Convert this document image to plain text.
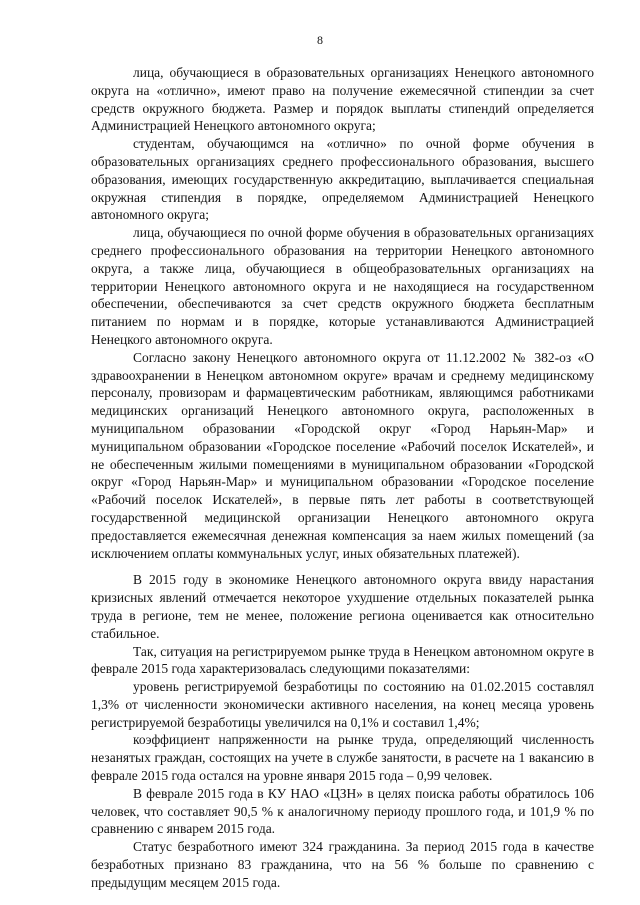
8

лица, обучающиеся в образовательных организациях Ненецкого автономного округа на «отлично», имеют право на получение ежемесячной стипендии за счет средств окружного бюджета. Размер и порядок выплаты стипендий определяется Администрацией Ненецкого автономного округа;

студентам, обучающимся на «отлично» по очной форме обучения в образовательных организациях среднего профессионального образования, высшего образования, имеющих государственную аккредитацию, выплачивается специальная окружная стипендия в порядке, определяемом Администрацией Ненецкого автономного округа;

лица, обучающиеся по очной форме обучения в образовательных организациях среднего профессионального образования на территории Ненецкого автономного округа, а также лица, обучающиеся в общеобразовательных организациях на территории Ненецкого автономного округа и не находящиеся на государственном обеспечении, обеспечиваются за счет средств окружного бюджета бесплатным питанием по нормам и в порядке, которые устанавливаются Администрацией Ненецкого автономного округа.

Согласно закону Ненецкого автономного округа от 11.12.2002 № 382-оз «О здравоохранении в Ненецком автономном округе» врачам и среднему медицинскому персоналу, провизорам и фармацевтическим работникам, являющимся работниками медицинских организаций Ненецкого автономного округа, расположенных в муниципальном образовании «Городской округ «Город Нарьян-Мар» и муниципальном образовании «Городское поселение «Рабочий поселок Искателей», и не обеспеченным жилыми помещениями в муниципальном образовании «Городской округ «Город Нарьян-Мар» и муниципальном образовании «Городское поселение «Рабочий поселок Искателей», в первые пять лет работы в соответствующей государственной медицинской организации Ненецкого автономного округа предоставляется ежемесячная денежная компенсация за наем жилых помещений (за исключением оплаты коммунальных услуг, иных обязательных платежей).

В 2015 году в экономике Ненецкого автономного округа ввиду нарастания кризисных явлений отмечается некоторое ухудшение отдельных показателей рынка труда в регионе, тем не менее, положение региона оценивается как относительно стабильное.

Так, ситуация на регистрируемом рынке труда в Ненецком автономном округе в феврале 2015 года характеризовалась следующими показателями:

уровень регистрируемой безработицы по состоянию на 01.02.2015 составлял 1,3% от численности экономически активного населения, на конец месяца уровень регистрируемой безработицы увеличился на 0,1% и составил 1,4%;

коэффициент напряженности на рынке труда, определяющий численность незанятых граждан, состоящих на учете в службе занятости, в расчете на 1 вакансию в феврале 2015 года остался на уровне января 2015 года – 0,99 человек.

В феврале 2015 года в КУ НАО «ЦЗН» в целях поиска работы обратилось 106 человек, что составляет 90,5 % к аналогичному периоду прошлого года, и 101,9 % по сравнению с январем 2015 года.

Статус безработного имеют 324 гражданина. За период 2015 года в качестве безработных признано 83 гражданина, что на 56 % больше по сравнению с предыдущим месяцем 2015 года.
